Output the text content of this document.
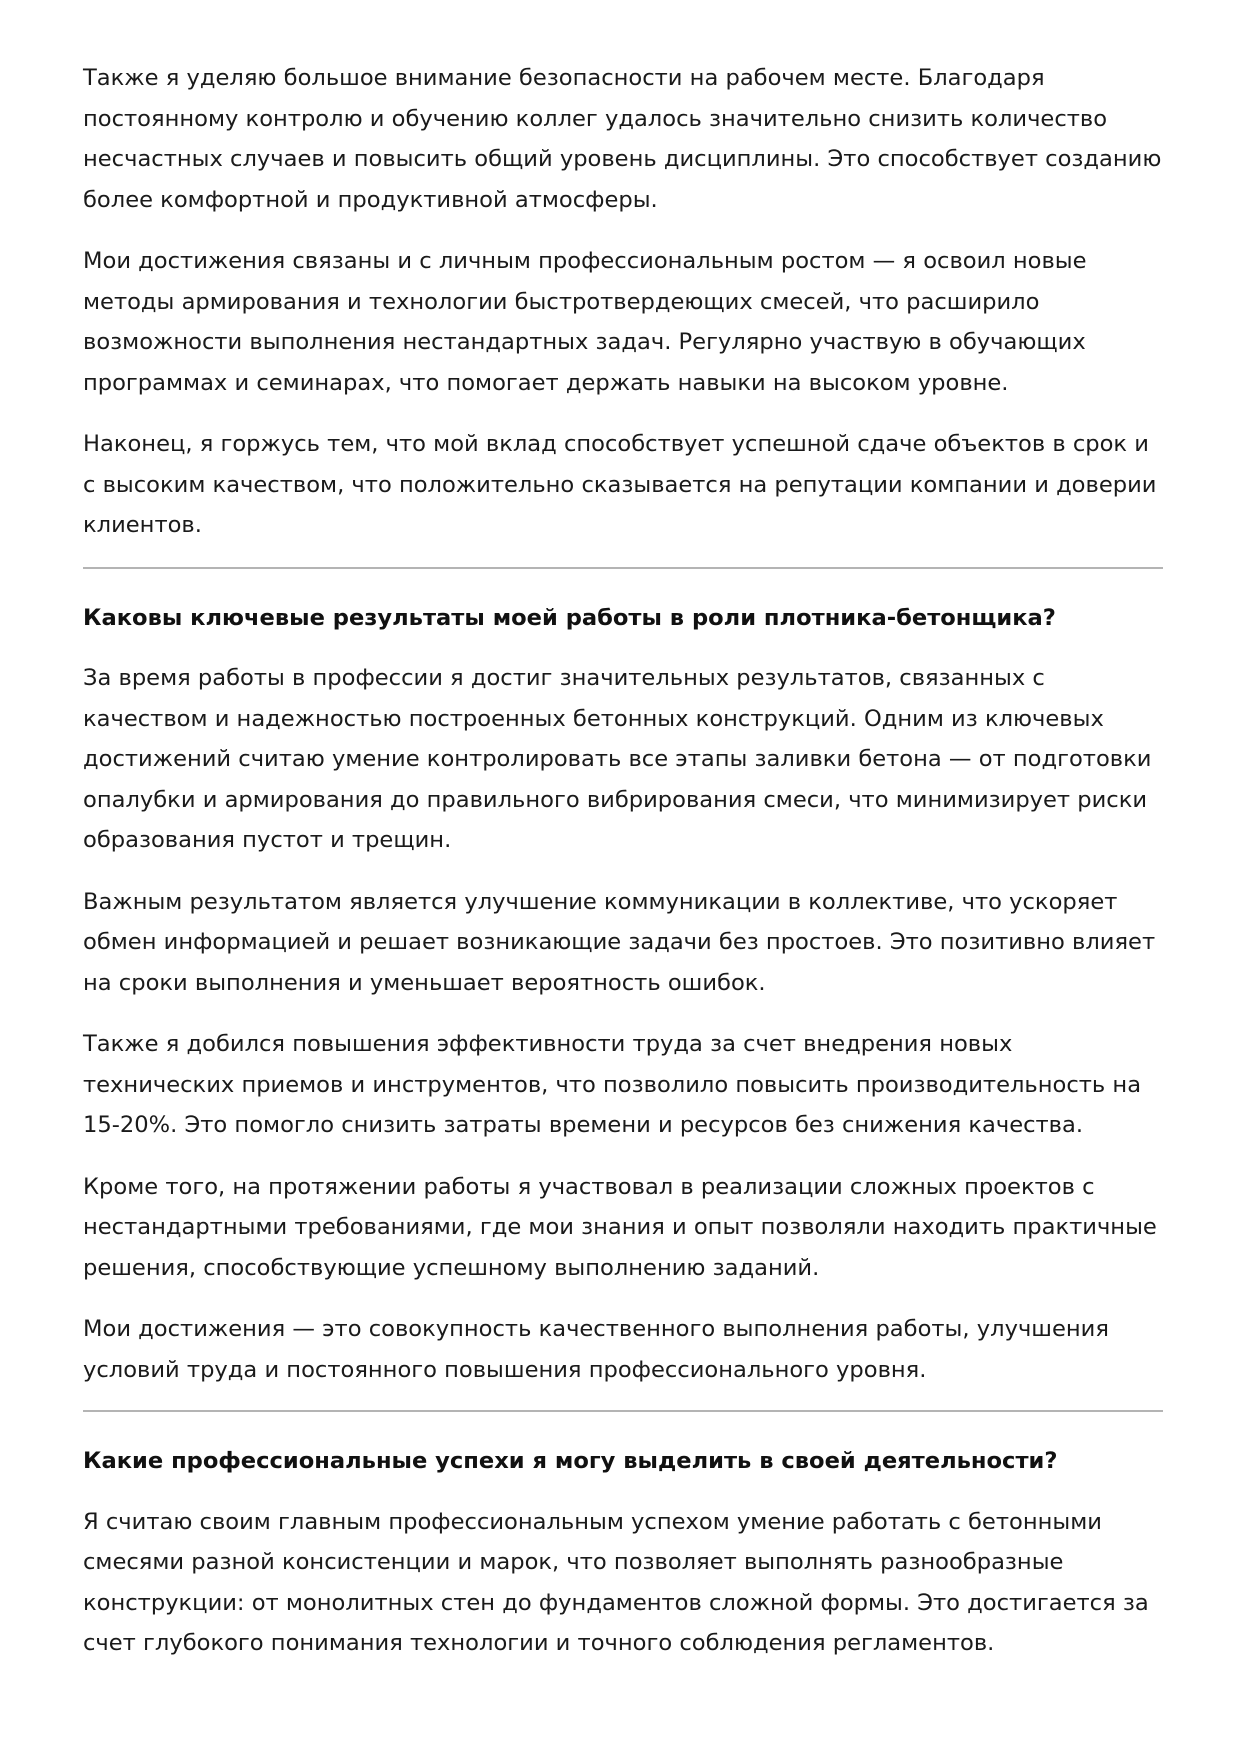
Также я уделяю большое внимание безопасности на рабочем месте. Благодаря постоянному контролю и обучению коллег удалось значительно снизить количество несчастных случаев и повысить общий уровень дисциплины. Это способствует созданию более комфортной и продуктивной атмосферы.

Мои достижения связаны и с личным профессиональным ростом — я освоил новые методы армирования и технологии быстротвердеющих смесей, что расширило возможности выполнения нестандартных задач. Регулярно участвую в обучающих программах и семинарах, что помогает держать навыки на высоком уровне.

Наконец, я горжусь тем, что мой вклад способствует успешной сдаче объектов в срок и с высоким качеством, что положительно сказывается на репутации компании и доверии клиентов.

Каковы ключевые результаты моей работы в роли плотника-бетонщика?

За время работы в профессии я достиг значительных результатов, связанных с качеством и надежностью построенных бетонных конструкций. Одним из ключевых достижений считаю умение контролировать все этапы заливки бетона — от подготовки опалубки и армирования до правильного вибрирования смеси, что минимизирует риски образования пустот и трещин.

Важным результатом является улучшение коммуникации в коллективе, что ускоряет обмен информацией и решает возникающие задачи без простоев. Это позитивно влияет на сроки выполнения и уменьшает вероятность ошибок.

Также я добился повышения эффективности труда за счет внедрения новых технических приемов и инструментов, что позволило повысить производительность на 15-20%. Это помогло снизить затраты времени и ресурсов без снижения качества.

Кроме того, на протяжении работы я участвовал в реализации сложных проектов с нестандартными требованиями, где мои знания и опыт позволяли находить практичные решения, способствующие успешному выполнению заданий.

Мои достижения — это совокупность качественного выполнения работы, улучшения условий труда и постоянного повышения профессионального уровня.

Какие профессиональные успехи я могу выделить в своей деятельности?

Я считаю своим главным профессиональным успехом умение работать с бетонными смесями разной консистенции и марок, что позволяет выполнять разнообразные конструкции: от монолитных стен до фундаментов сложной формы. Это достигается за счет глубокого понимания технологии и точного соблюдения регламентов.
